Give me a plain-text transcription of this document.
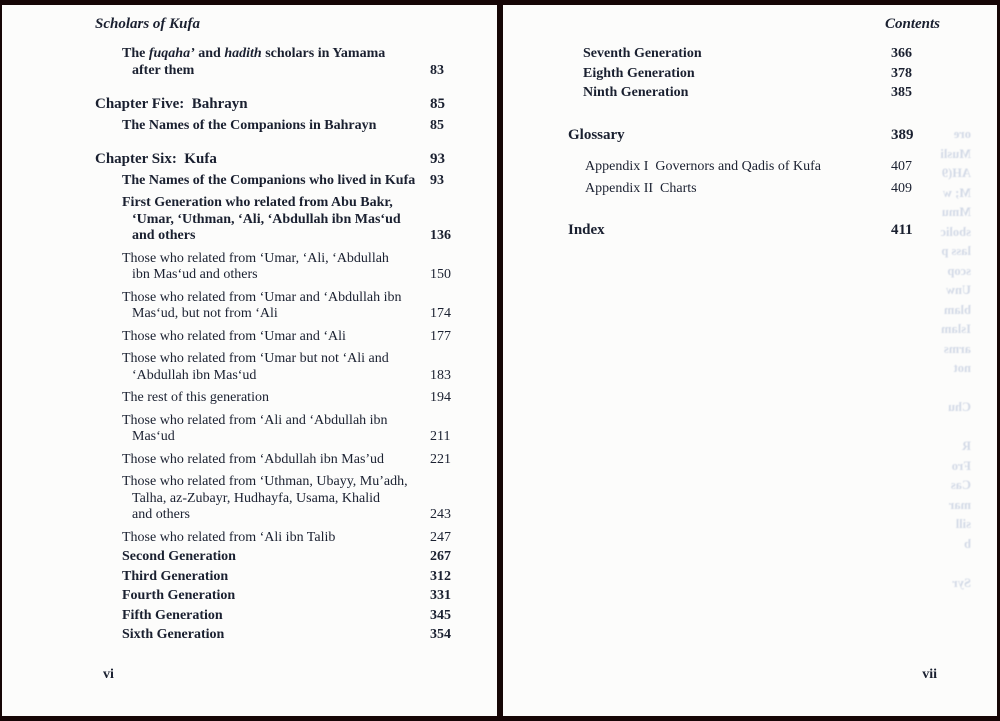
Scholars of Kufa
The fuqaha’ and hadith scholars in Yamama
after them	83
Chapter Five: Bahrayn	85
The Names of the Companions in Bahrayn	85
Chapter Six: Kufa	93
The Names of the Companions who lived in Kufa	93
First Generation who related from Abu Bakr,
‘Umar, ‘Uthman, ‘Ali, ‘Abdullah ibn Mas‘ud
and others	136
Those who related from ‘Umar, ‘Ali, ‘Abdullah
ibn Mas‘ud and others	150
Those who related from ‘Umar and ‘Abdullah ibn
Mas‘ud, but not from ‘Ali	174
Those who related from ‘Umar and ‘Ali	177
Those who related from ‘Umar but not ‘Ali and
‘Abdullah ibn Mas‘ud	183
The rest of this generation	194
Those who related from ‘Ali and ‘Abdullah ibn
Mas‘ud	211
Those who related from ‘Abdullah ibn Mas’ud	221
Those who related from ‘Uthman, Ubayy, Mu’adh,
Talha, az-Zubayr, Hudhayfa, Usama, Khalid
and others	243
Those who related from ‘Ali ibn Talib	247
Second Generation	267
Third Generation	312
Fourth Generation	331
Fifth Generation	345
Sixth Generation	354
vi
Contents
Seventh Generation	366
Eighth Generation	378
Ninth Generation	385
Glossary	389
Appendix I Governors and Qadis of Kufa	407
Appendix II Charts	409
Index	411
ore
Musli
AH(9
M; w
Mmu
sbolic
lass p
scop
Unw
blam
Islam
arms
not
Chu
R
Fro
Cas
mar
sill
b
Syr
vii
